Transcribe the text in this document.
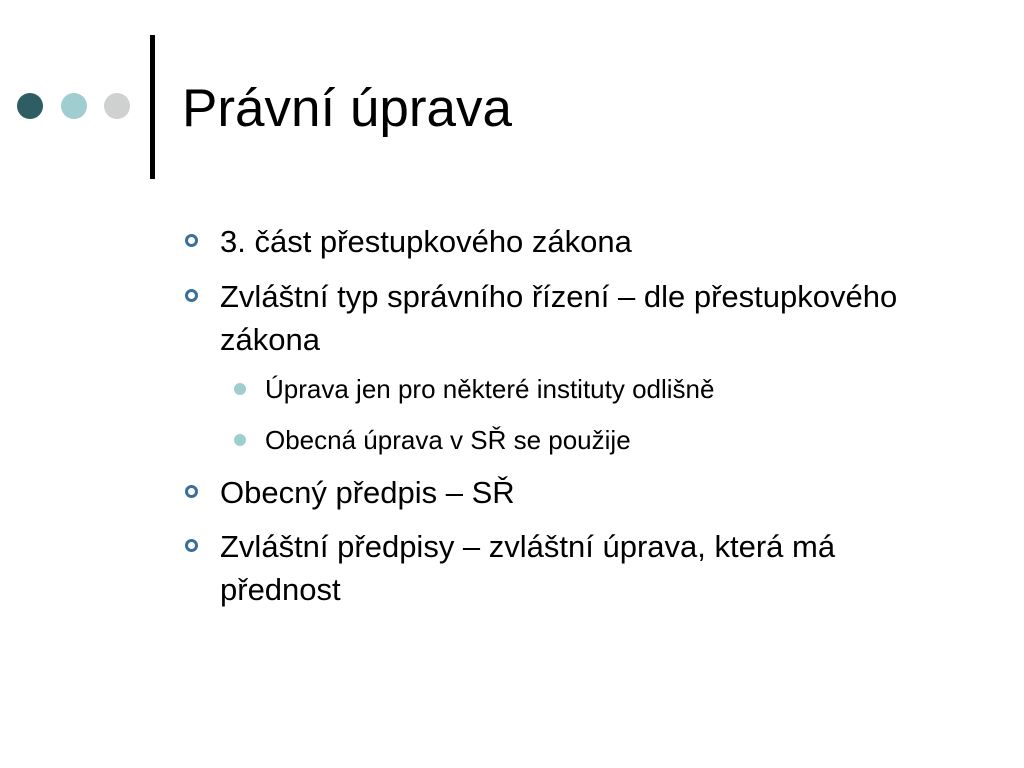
Právní úprava
3. část přestupkového zákona
Zvláštní typ správního řízení – dle přestupkového zákona
Úprava jen pro některé instituty odlišně
Obecná úprava v SŘ se použije
Obecný předpis – SŘ
Zvláštní předpisy – zvláštní úprava, která má přednost
